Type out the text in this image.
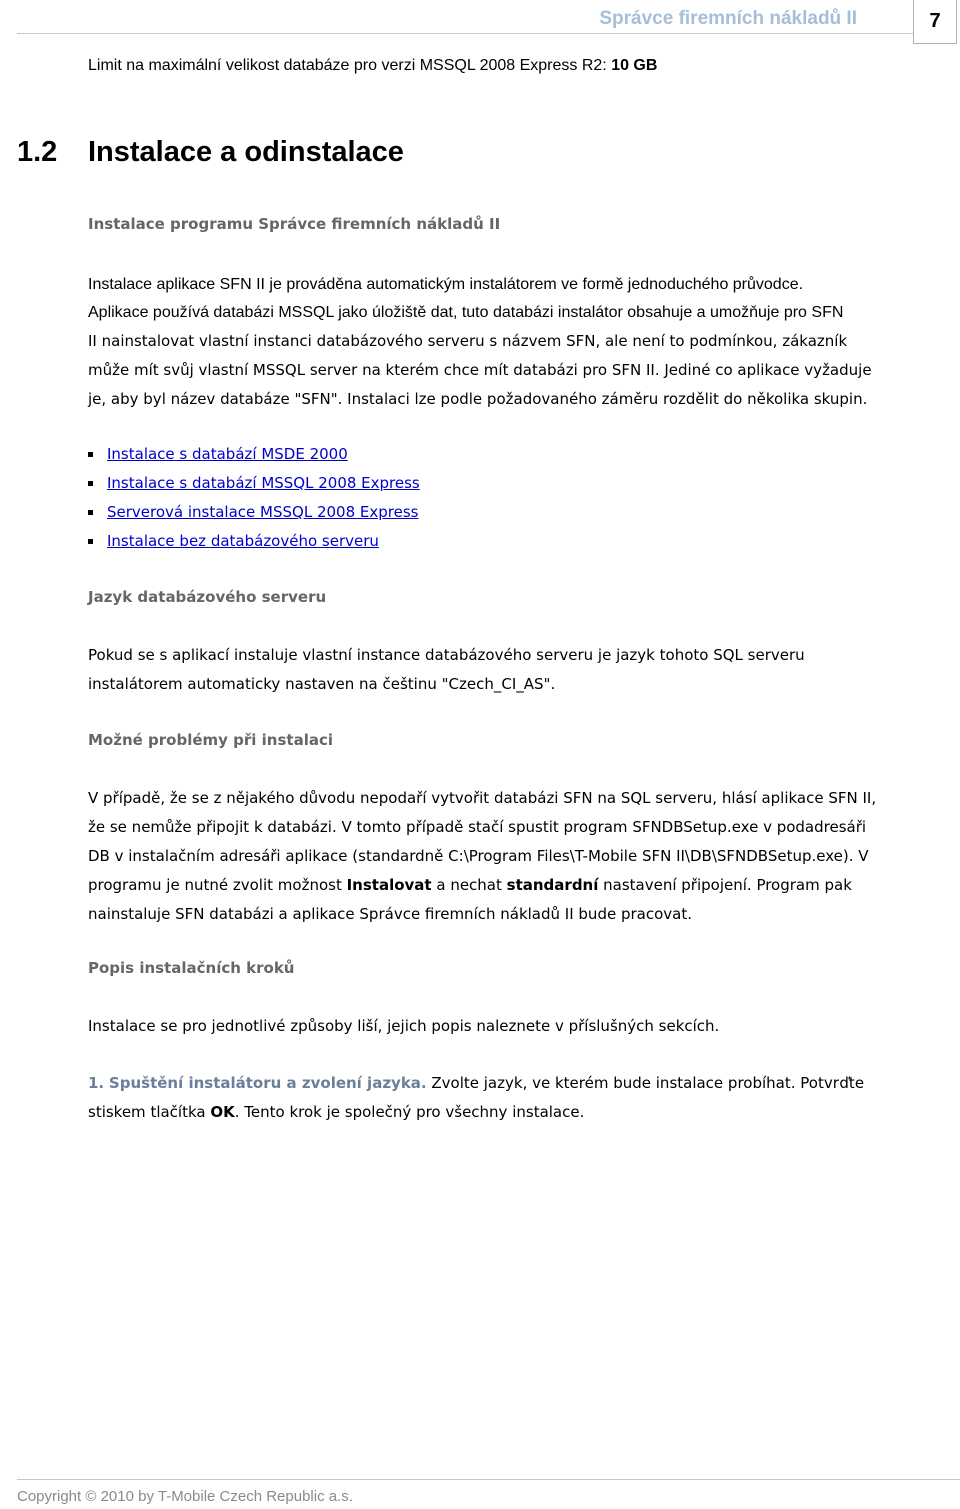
Správce firemních nákladů II	7
Limit na maximální velikost databáze pro verzi MSSQL 2008 Express R2: 10 GB
1.2 Instalace a odinstalace
Instalace programu Správce firemních nákladů II
Instalace aplikace SFN II je prováděna automatickým instalátorem ve formě jednoduchého průvodce.
Aplikace používá databázi MSSQL jako úložiště dat, tuto databázi instalátor obsahuje a umožňuje pro SFN
II nainstalovat vlastní instanci databázového serveru s názvem SFN, ale není to podmínkou, zákazník
může mít svůj vlastní MSSQL server na kterém chce mít databázi pro SFN II. Jediné co aplikace vyžaduje
je, aby byl název databáze "SFN". Instalaci lze podle požadovaného záměru rozdělit do několika skupin.
Instalace s databází MSDE 2000
Instalace s databází MSSQL 2008 Express
Serverová instalace MSSQL 2008 Express
Instalace bez databázového serveru
Jazyk databázového serveru
Pokud se s aplikací instaluje vlastní instance databázového serveru je jazyk tohoto SQL serveru
instalátorem automaticky nastaven na češtinu "Czech_CI_AS".
Možné problémy při instalaci
V případě, že se z nějakého důvodu nepodaří vytvořit databázi SFN na SQL serveru, hlásí aplikace SFN II,
že se nemůže připojit k databázi. V tomto případě stačí spustit program SFNDBSetup.exe v podadresáři
DB v instalačním adresáři aplikace (standardně C:\Program Files\T-Mobile SFN II\DB\SFNDBSetup.exe). V
programu je nutné zvolit možnost Instalovat a nechat standardní nastavení připojení. Program pak
nainstaluje SFN databázi a aplikace Správce firemních nákladů II bude pracovat.
Popis instalačních kroků
Instalace se pro jednotlivé způsoby liší, jejich popis naleznete v příslušných sekcích.
1. Spuštění instalátoru a zvolení jazyka. Zvolte jazyk, ve kterém bude instalace probíhat. Potvrďte
stiskem tlačítka OK. Tento krok je společný pro všechny instalace.
Copyright © 2010 by T-Mobile Czech Republic a.s.
